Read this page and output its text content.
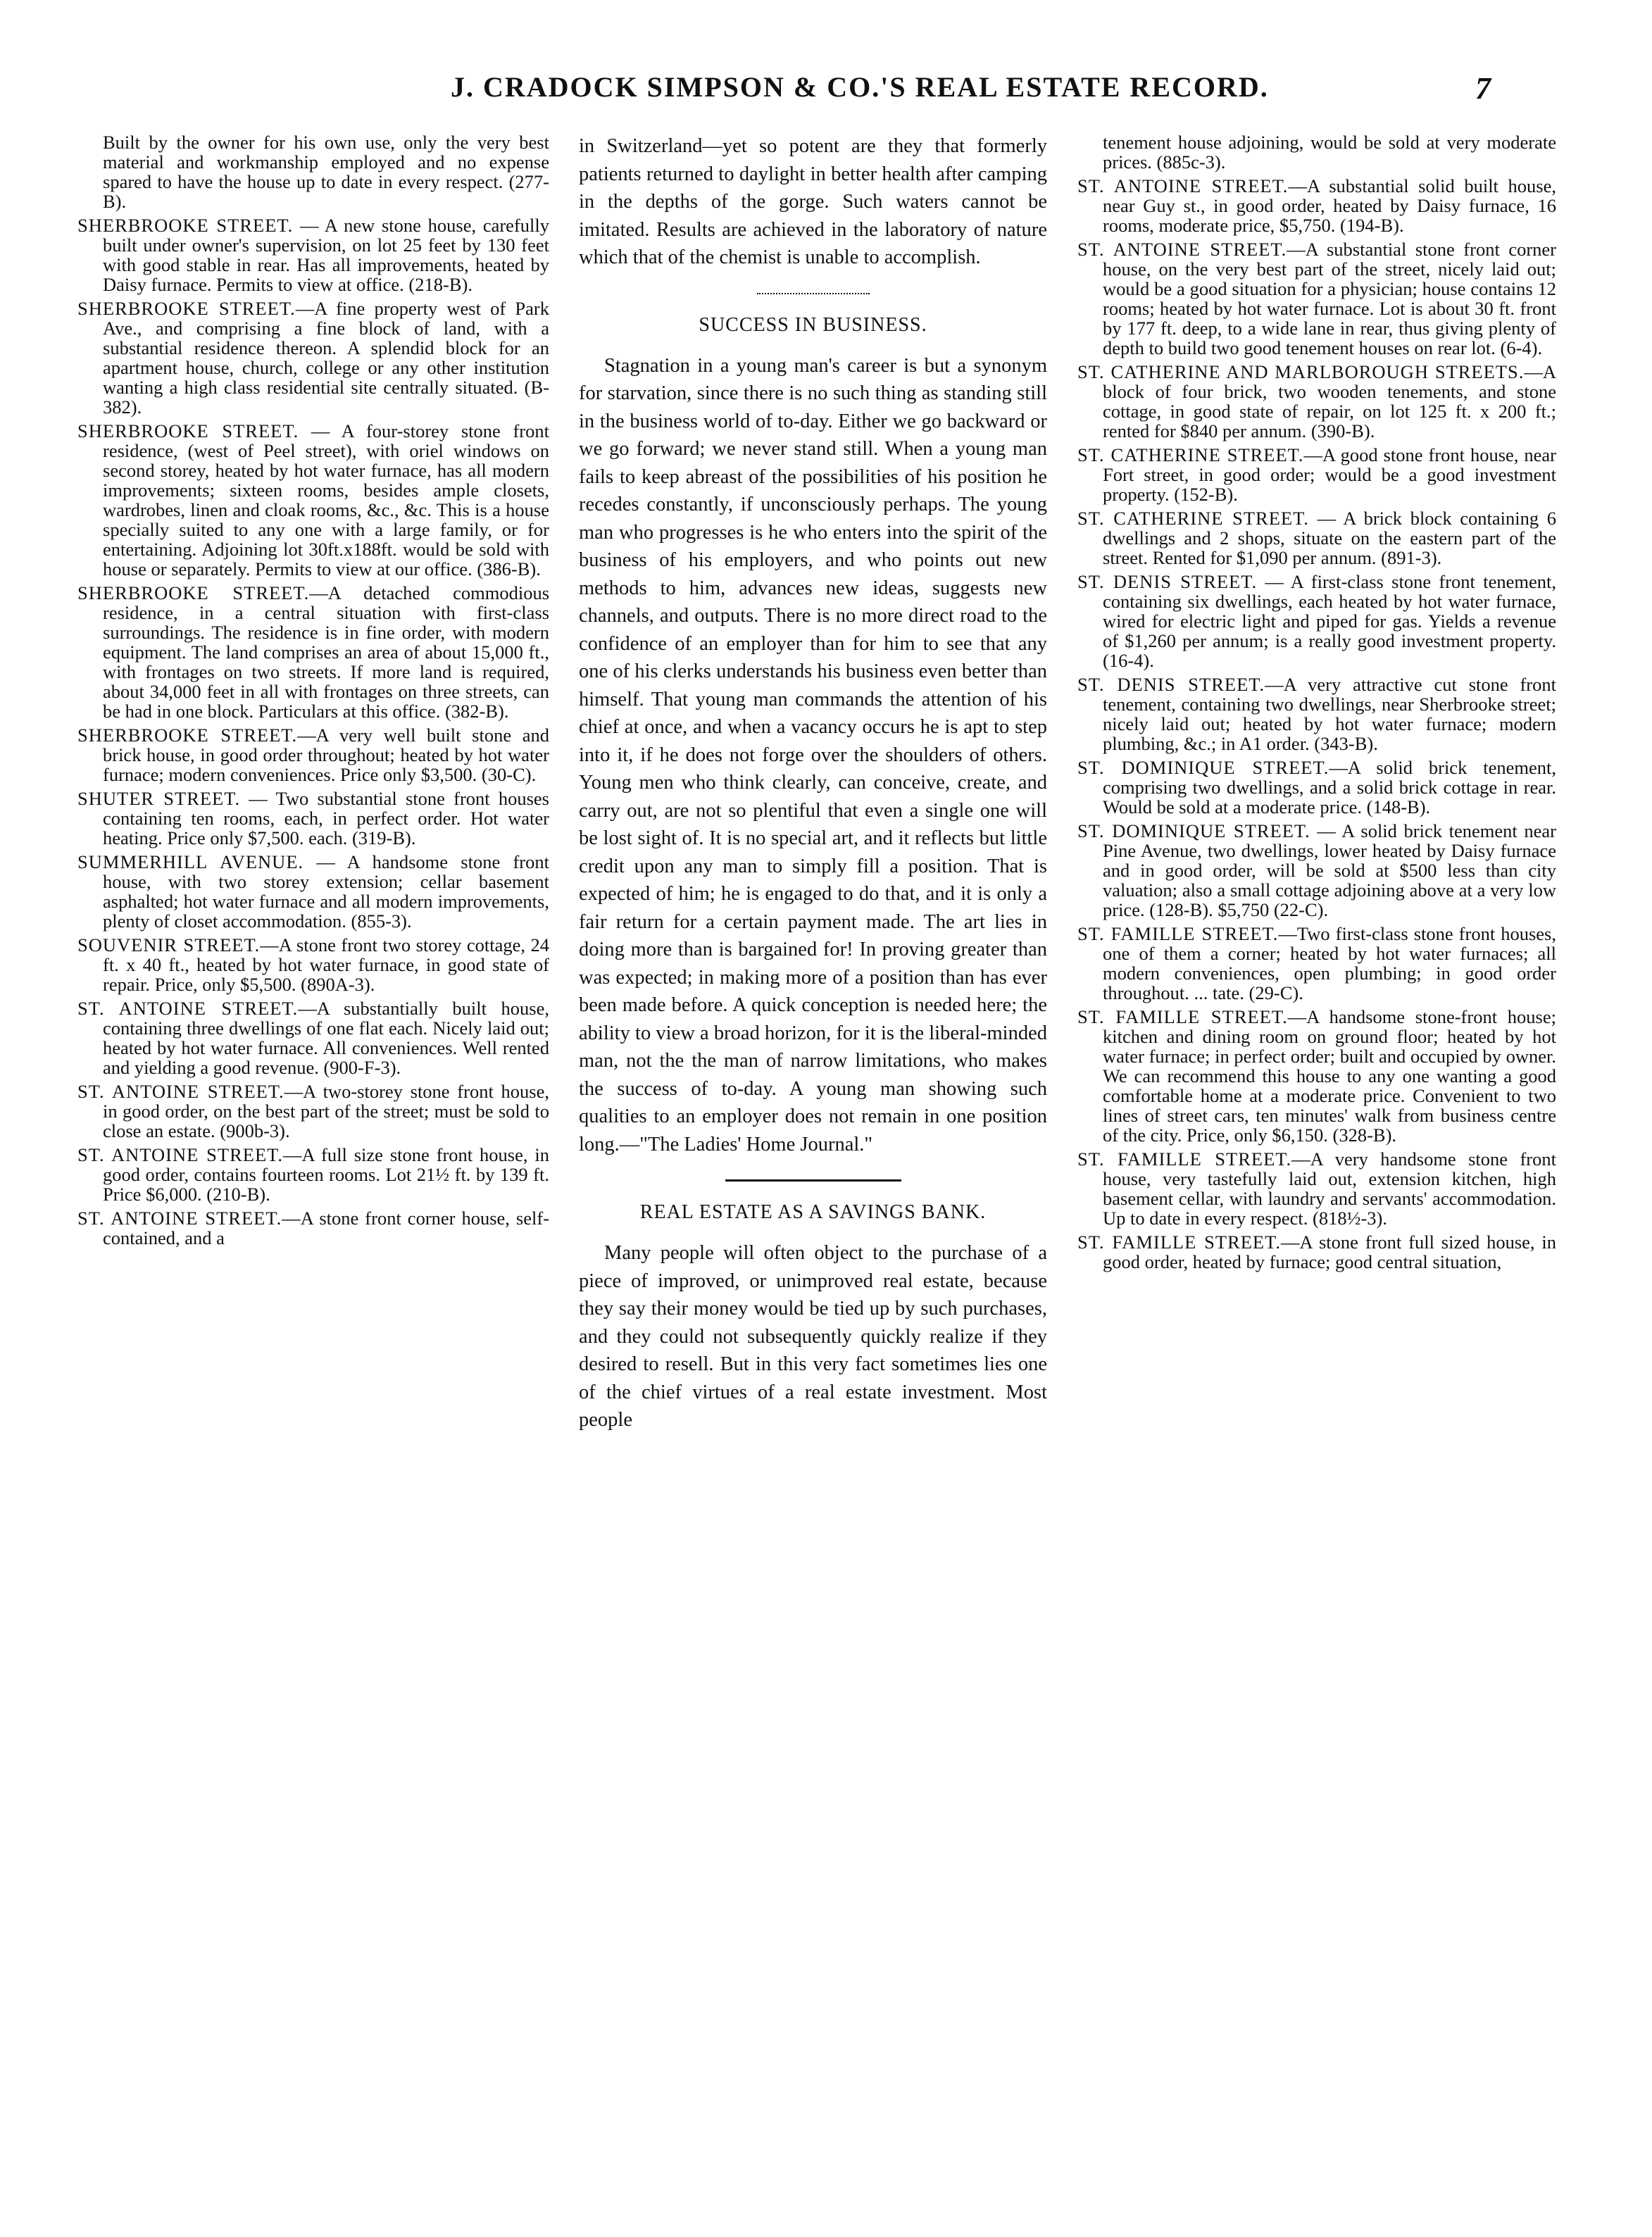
J. CRADOCK SIMPSON & CO.'S REAL ESTATE RECORD.	7

Built by the owner for his own use, only the very best material and workmanship employed and no expense spared to have the house up to date in every respect. (277-B).

SHERBROOKE STREET. — A new stone house, carefully built under owner's supervision, on lot 25 feet by 130 feet with good stable in rear. Has all improvements, heated by Daisy furnace. Permits to view at office. (218-B).

SHERBROOKE STREET.—A fine property west of Park Ave., and comprising a fine block of land, with a substantial residence thereon. A splendid block for an apartment house, church, college or any other institution wanting a high class residential site centrally situated. (B-382).

SHERBROOKE STREET. — A four-storey stone front residence, (west of Peel street), with oriel windows on second storey, heated by hot water furnace, has all modern improvements; sixteen rooms, besides ample closets, wardrobes, linen and cloak rooms, &c., &c. This is a house specially suited to any one with a large family, or for entertaining. Adjoining lot 30ft.x188ft. would be sold with house or separately. Permits to view at our office. (386-B).

SHERBROOKE STREET.—A detached commodious residence, in a central situation with first-class surroundings. The residence is in fine order, with modern equipment. The land comprises an area of about 15,000 ft., with frontages on two streets. If more land is required, about 34,000 feet in all with frontages on three streets, can be had in one block. Particulars at this office. (382-B).

SHERBROOKE STREET.—A very well built stone and brick house, in good order throughout; heated by hot water furnace; modern conveniences. Price only $3,500. (30-C).

SHUTER STREET. — Two substantial stone front houses containing ten rooms, each, in perfect order. Hot water heating. Price only $7,500. each. (319-B).

SUMMERHILL AVENUE. — A handsome stone front house, with two storey extension; cellar basement asphalted; hot water furnace and all modern improvements, plenty of closet accommodation. (855-3).

SOUVENIR STREET.—A stone front two storey cottage, 24 ft. x 40 ft., heated by hot water furnace, in good state of repair. Price, only $5,500. (890A-3).

ST. ANTOINE STREET.—A substantially built house, containing three dwellings of one flat each. Nicely laid out; heated by hot water furnace. All conveniences. Well rented and yielding a good revenue. (900-F-3).

ST. ANTOINE STREET.—A two-storey stone front house, in good order, on the best part of the street; must be sold to close an estate. (900b-3).

ST. ANTOINE STREET.—A full size stone front house, in good order, contains fourteen rooms. Lot 21½ ft. by 139 ft. Price $6,000. (210-B).

ST. ANTOINE STREET.—A stone front corner house, self-contained, and a

in Switzerland—yet so potent are they that formerly patients returned to daylight in better health after camping in the depths of the gorge. Such waters cannot be imitated. Results are achieved in the laboratory of nature which that of the chemist is unable to accomplish.

SUCCESS IN BUSINESS.

Stagnation in a young man's career is but a synonym for starvation, since there is no such thing as standing still in the business world of to-day. Either we go backward or we go forward; we never stand still. When a young man fails to keep abreast of the possibilities of his position he recedes constantly, if unconsciously perhaps. The young man who progresses is he who enters into the spirit of the business of his employers, and who points out new methods to him, advances new ideas, suggests new channels, and outputs. There is no more direct road to the confidence of an employer than for him to see that any one of his clerks understands his business even better than himself. That young man commands the attention of his chief at once, and when a vacancy occurs he is apt to step into it, if he does not forge over the shoulders of others. Young men who think clearly, can conceive, create, and carry out, are not so plentiful that even a single one will be lost sight of. It is no special art, and it reflects but little credit upon any man to simply fill a position. That is expected of him; he is engaged to do that, and it is only a fair return for a certain payment made. The art lies in doing more than is bargained for! In proving greater than was expected; in making more of a position than has ever been made before. A quick conception is needed here; the ability to view a broad horizon, for it is the liberal-minded man, not the the man of narrow limitations, who makes the success of to-day. A young man showing such qualities to an employer does not remain in one position long.—"The Ladies' Home Journal."

REAL ESTATE AS A SAVINGS BANK.

Many people will often object to the purchase of a piece of improved, or unimproved real estate, because they say their money would be tied up by such purchases, and they could not subsequently quickly realize if they desired to resell. But in this very fact sometimes lies one of the chief virtues of a real estate investment. Most people

tenement house adjoining, would be sold at very moderate prices. (885c-3).

ST. ANTOINE STREET.—A substantial solid built house, near Guy st., in good order, heated by Daisy furnace, 16 rooms, moderate price, $5,750. (194-B).

ST. ANTOINE STREET.—A substantial stone front corner house, on the very best part of the street, nicely laid out; would be a good situation for a physician; house contains 12 rooms; heated by hot water furnace. Lot is about 30 ft. front by 177 ft. deep, to a wide lane in rear, thus giving plenty of depth to build two good tenement houses on rear lot. (6-4).

ST. CATHERINE AND MARLBOROUGH STREETS.—A block of four brick, two wooden tenements, and stone cottage, in good state of repair, on lot 125 ft. x 200 ft.; rented for $840 per annum. (390-B).

ST. CATHERINE STREET.—A good stone front house, near Fort street, in good order; would be a good investment property. (152-B).

ST. CATHERINE STREET. — A brick block containing 6 dwellings and 2 shops, situate on the eastern part of the street. Rented for $1,090 per annum. (891-3).

ST. DENIS STREET. — A first-class stone front tenement, containing six dwellings, each heated by hot water furnace, wired for electric light and piped for gas. Yields a revenue of $1,260 per annum; is a really good investment property. (16-4).

ST. DENIS STREET.—A very attractive cut stone front tenement, containing two dwellings, near Sherbrooke street; nicely laid out; heated by hot water furnace; modern plumbing, &c.; in A1 order. (343-B).

ST. DOMINIQUE STREET.—A solid brick tenement, comprising two dwellings, and a solid brick cottage in rear. Would be sold at a moderate price. (148-B).

ST. DOMINIQUE STREET. — A solid brick tenement near Pine Avenue, two dwellings, lower heated by Daisy furnace and in good order, will be sold at $500 less than city valuation; also a small cottage adjoining above at a very low price. (128-B). $5,750 (22-C).

ST. FAMILLE STREET.—Two first-class stone front houses, one of them a corner; heated by hot water furnaces; all modern conveniences, open plumbing; in good order throughout. ... tate. (29-C).

ST. FAMILLE STREET.—A handsome stone-front house; kitchen and dining room on ground floor; heated by hot water furnace; in perfect order; built and occupied by owner. We can recommend this house to any one wanting a good comfortable home at a moderate price. Convenient to two lines of street cars, ten minutes' walk from business centre of the city. Price, only $6,150. (328-B).

ST. FAMILLE STREET.—A very handsome stone front house, very tastefully laid out, extension kitchen, high basement cellar, with laundry and servants' accommodation. Up to date in every respect. (818½-3).

ST. FAMILLE STREET.—A stone front full sized house, in good order, heated by furnace; good central situation,
